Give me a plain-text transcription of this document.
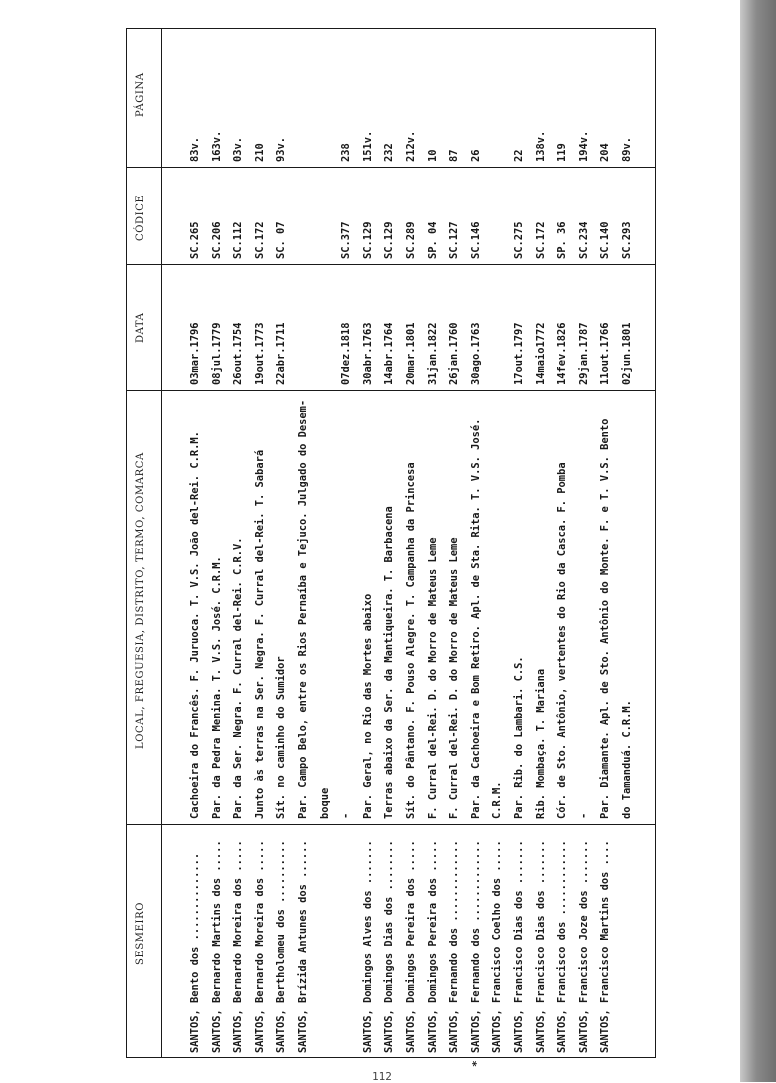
SESMEIRO
LOCAL, FREGUESIA, DISTRITO, TERMO, COMARCA
DATA
CÓDICE
PÁGINA
SANTOS, Bento dos ..............
Cachoeira do Francês. F. Juruoca. T. V.S. João del-Rei. C.R.M.
03mar.1796
SC.265
83v.
SANTOS, Bernardo Martins dos .....
Par. da Pedra Menina. T. V.S. José. C.R.M.
08jul.1779
SC.206
163v.
SANTOS, Bernardo Moreira dos .....
Par. da Ser. Negra. F. Curral del-Rei. C.R.V.
26out.1754
SC.112
03v.
SANTOS, Bernardo Moreira dos .....
Junto às terras na Ser. Negra. F. Curral del-Rei. T. Sabará
19out.1773
SC.172
210
SANTOS, Bertholomeu dos ..........
Sít. no caminho do Sumidor
22abr.1711
SC. 07
93v.
SANTOS, Brízida Antunes dos ......
Par. Campo Belo, entre os Rios Pernaíba e Tejuco. Julgado do Desem- boque -
07dez.1818
SC.377
238
SANTOS, Domingos Alves dos .......
Par. Geral, no Rio das Mortes abaixo
30abr.1763
SC.129
151v.
SANTOS, Domingos Dias dos ........
Terras abaixo da Ser. da Mantiqueira. T. Barbacena
14abr.1764
SC.129
232
SANTOS, Domingos Pereira dos .....
Sít. do Pântano. F. Pouso Alegre. T. Campanha da Princesa
20mar.1801
SC.289
212v.
SANTOS, Domingos Pereira dos .....
F. Curral del-Rei. D. do Morro de Mateus Leme
31jan.1822
SP. 04
10
SANTOS, Fernando dos .............
F. Curral del-Rei. D. do Morro de Mateus Leme
26jan.1760
SC.127
87
*
SANTOS, Fernando dos .............
Par. da Cachoeira e Bom Retiro. Apl. de Sta. Rita. T. V.S. José.
30ago.1763
SC.146
26
SANTOS, Francisco Coelho dos .....
C.R.M.
SANTOS, Francisco Dias dos .......
Par. Rib. do Lambari. C.S.
17out.1797
SC.275
22
SANTOS, Francisco Dias dos .......
Rib. Mombaça. T. Mariana
14maio1772
SC.172
138v.
SANTOS, Francisco dos ............
Cór. de Sto. Antônio, vertentes do Rio da Casca. F. Pomba
14fev.1826
SP. 36
119
SANTOS, Francisco Joze dos .......
-
29jan.1787
SC.234
194v.
SANTOS, Francisco Martins dos ....
Par. Diamante. Apl. de Sto. Antônio do Monte. F. e T. V.S. Bento
11out.1766
SC.140
204
do Tamanduá. C.R.M.
02jun.1801
SC.293
89v.
112
